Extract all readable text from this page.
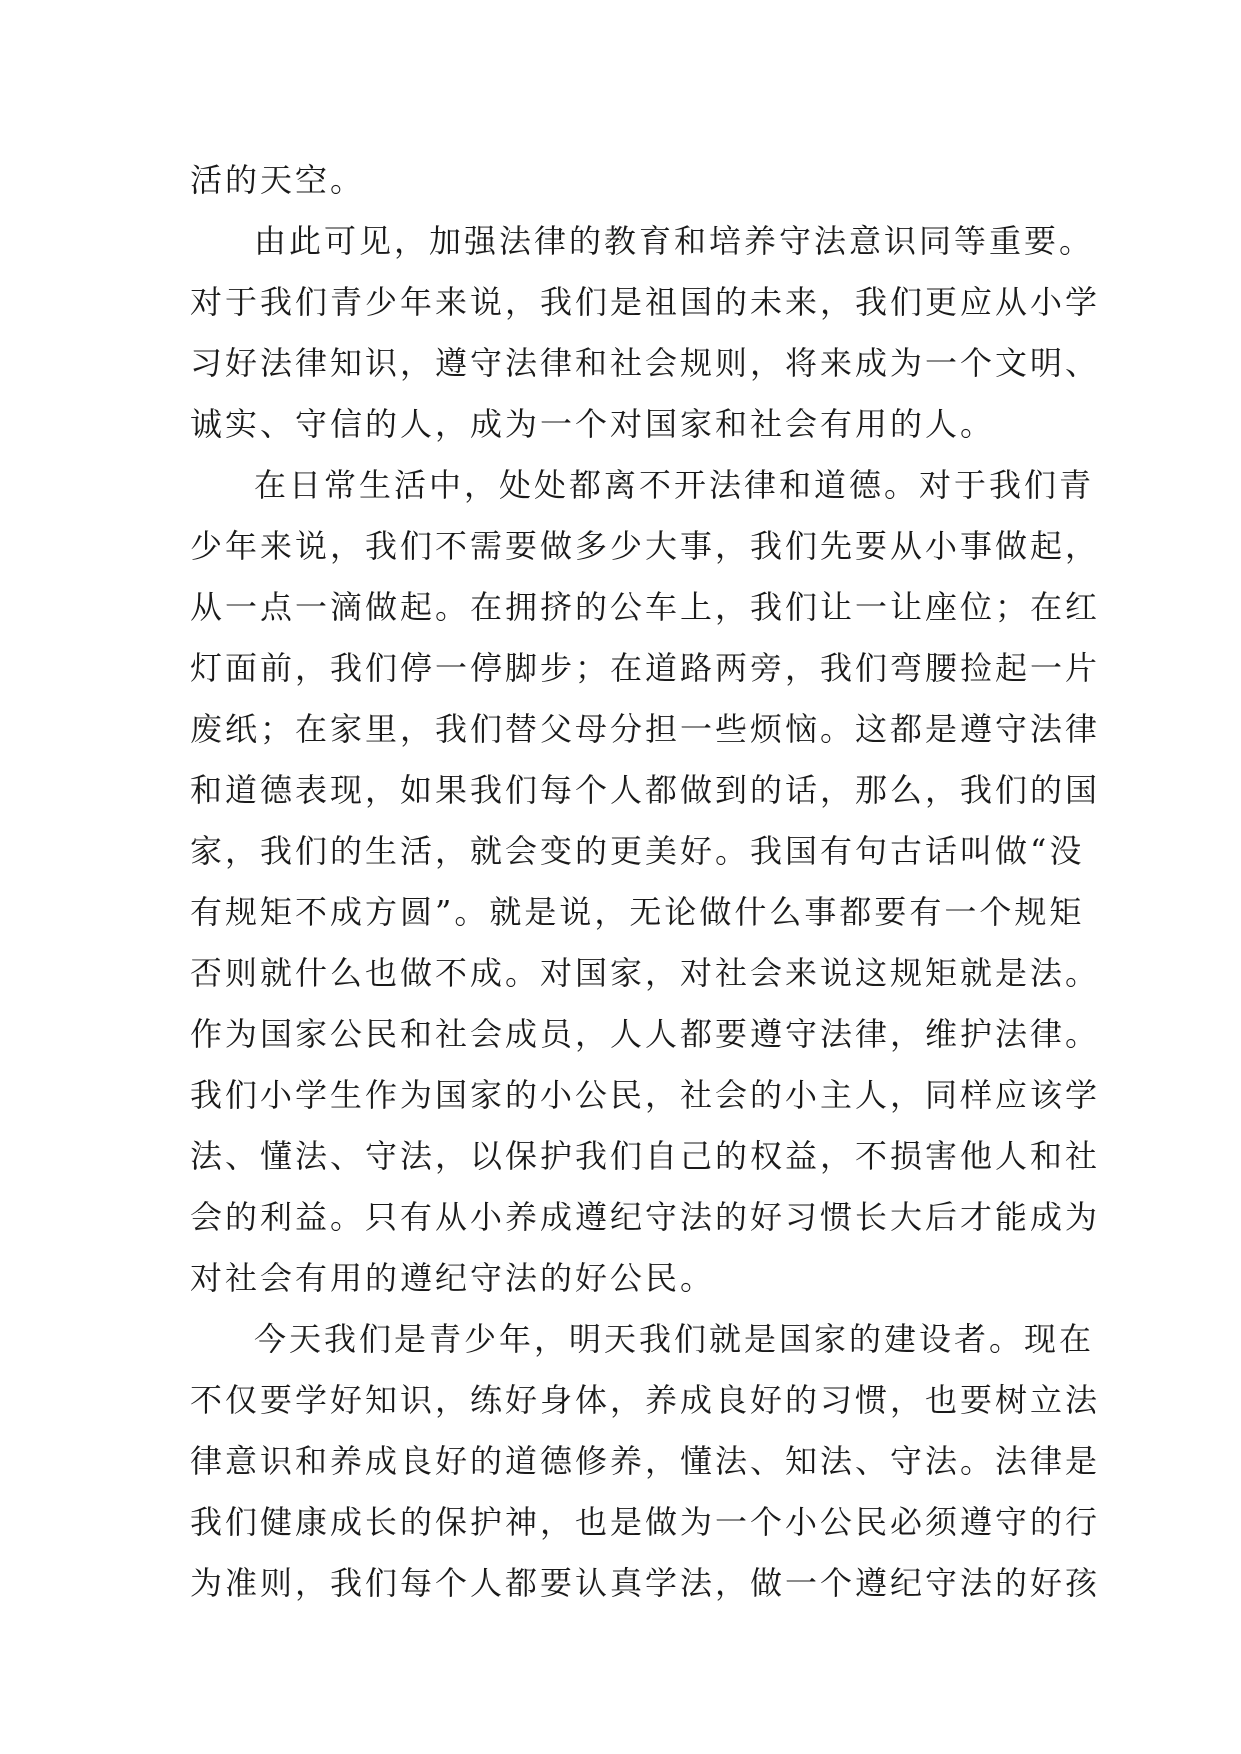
活的天空。
由此可见，加强法律的教育和培养守法意识同等重要。
对于我们青少年来说，我们是祖国的未来，我们更应从小学
习好法律知识，遵守法律和社会规则，将来成为一个文明、
诚实、守信的人，成为一个对国家和社会有用的人。
在日常生活中，处处都离不开法律和道德。对于我们青
少年来说，我们不需要做多少大事，我们先要从小事做起，
从一点一滴做起。在拥挤的公车上，我们让一让座位；在红
灯面前，我们停一停脚步；在道路两旁，我们弯腰捡起一片
废纸；在家里，我们替父母分担一些烦恼。这都是遵守法律
和道德表现，如果我们每个人都做到的话，那么，我们的国
家，我们的生活，就会变的更美好。我国有句古话叫做“没
有规矩不成方圆”。就是说，无论做什么事都要有一个规矩
否则就什么也做不成。对国家，对社会来说这规矩就是法。
作为国家公民和社会成员，人人都要遵守法律，维护法律。
我们小学生作为国家的小公民，社会的小主人，同样应该学
法、懂法、守法，以保护我们自己的权益，不损害他人和社
会的利益。只有从小养成遵纪守法的好习惯长大后才能成为
对社会有用的遵纪守法的好公民。
今天我们是青少年，明天我们就是国家的建设者。现在
不仅要学好知识，练好身体，养成良好的习惯，也要树立法
律意识和养成良好的道德修养，懂法、知法、守法。法律是
我们健康成长的保护神，也是做为一个小公民必须遵守的行
为准则，我们每个人都要认真学法，做一个遵纪守法的好孩
